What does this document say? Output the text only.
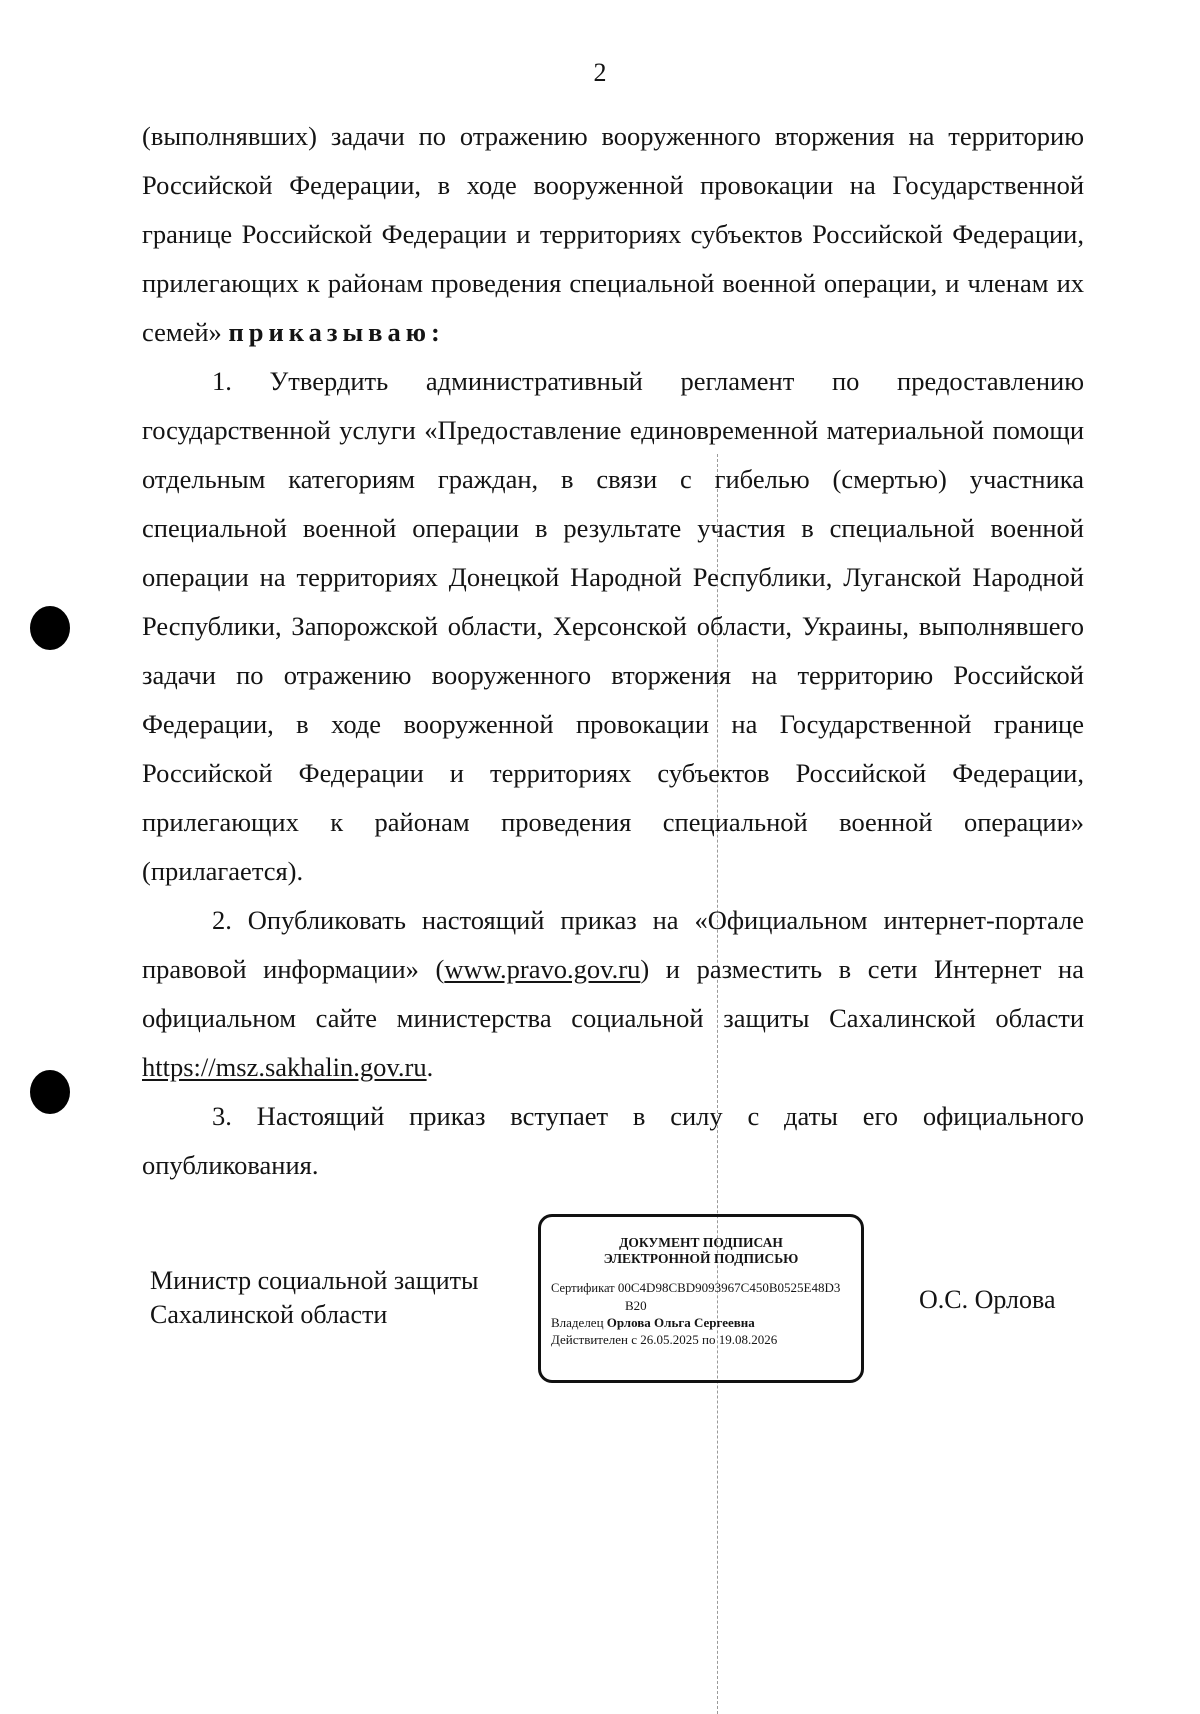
2

(выполнявших) задачи по отражению вооруженного вторжения на территорию Российской Федерации, в ходе вооруженной провокации на Государственной границе Российской Федерации и территориях субъектов Российской Федерации, прилегающих к районам проведения специальной военной операции, и членам их семей» приказываю:

1. Утвердить административный регламент по предоставлению государственной услуги «Предоставление единовременной материальной помощи отдельным категориям граждан, в связи с гибелью (смертью) участника специальной военной операции в результате участия в специальной военной операции на территориях Донецкой Народной Республики, Луганской Народной Республики, Запорожской области, Херсонской области, Украины, выполнявшего задачи по отражению вооруженного вторжения на территорию Российской Федерации, в ходе вооруженной провокации на Государственной границе Российской Федерации и территориях субъектов Российской Федерации, прилегающих к районам проведения специальной военной операции» (прилагается).

2. Опубликовать настоящий приказ на «Официальном интернет-портале правовой информации» (www.pravo.gov.ru) и разместить в сети Интернет на официальном сайте министерства социальной защиты Сахалинской области https://msz.sakhalin.gov.ru.

3. Настоящий приказ вступает в силу с даты его официального опубликования.

Министр социальной защиты
Сахалинской области
ДОКУМЕНТ ПОДПИСАН
ЭЛЕКТРОННОЙ ПОДПИСЬЮ
Сертификат 00C4D98CBD9093967C450B0525E48D3
B20
Владелец Орлова Ольга Сергеевна
Действителен с 26.05.2025 по 19.08.2026
О.С. Орлова
